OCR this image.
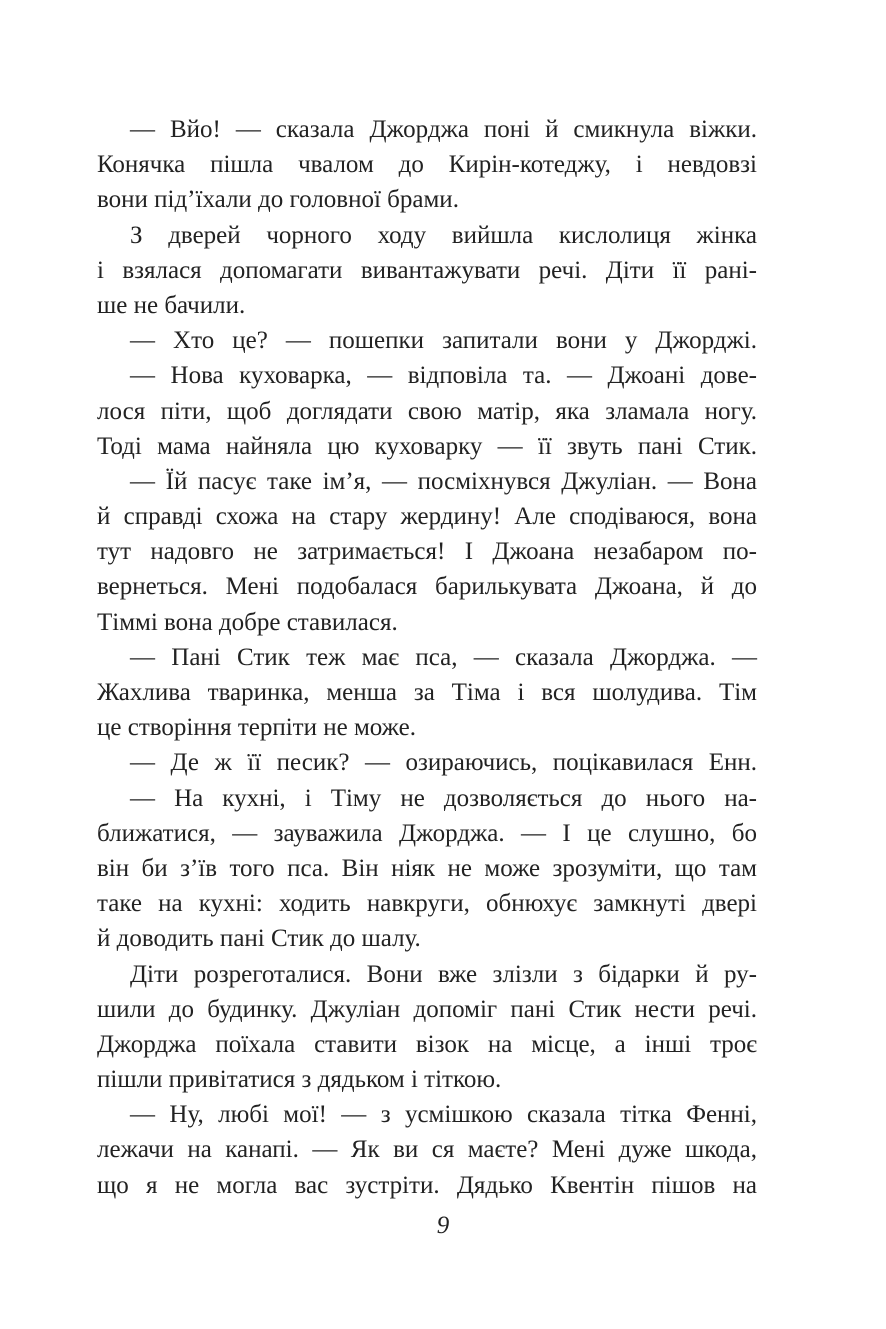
— Вйо! — сказала Джорджа поні й смикнула віжки.
Конячка пішла чвалом до Кирін-котеджу, і невдовзі
вони під’їхали до головної брами.

З дверей чорного ходу вийшла кислолиця жінка
і взялася допомагати вивантажувати речі. Діти її рані-
ше не бачили.

— Хто це? — пошепки запитали вони у Джорджі.

— Нова куховарка, — відповіла та. — Джоані дове-
лося піти, щоб доглядати свою матір, яка зламала ногу.
Тоді мама найняла цю куховарку — її звуть пані Стик.

— Їй пасує таке ім’я, — посміхнувся Джуліан. — Вона
й справді схожа на стару жердину! Але сподіваюся, вона
тут надовго не затримається! І Джоана незабаром по-
вернеться. Мені подобалася барилькувата Джоана, й до
Тіммі вона добре ставилася.

— Пані Стик теж має пса, — сказала Джорджа. —
Жахлива тваринка, менша за Тіма і вся шолудива. Тім
це створіння терпіти не може.

— Де ж її песик? — озираючись, поцікавилася Енн.

— На кухні, і Тіму не дозволяється до нього на-
ближатися, — зауважила Джорджа. — І це слушно, бо
він би з’їв того пса. Він ніяк не може зрозуміти, що там
таке на кухні: ходить навкруги, обнюхує замкнуті двері
й доводить пані Стик до шалу.

Діти розреготалися. Вони вже злізли з бідарки й ру-
шили до будинку. Джуліан допоміг пані Стик нести речі.
Джорджа поїхала ставити візок на місце, а інші троє
пішли привітатися з дядьком і тіткою.

— Ну, любі мої! — з усмішкою сказала тітка Фенні,
лежачи на канапі. — Як ви ся маєте? Мені дуже шкода,
що я не могла вас зустріти. Дядько Квентін пішов на

9
